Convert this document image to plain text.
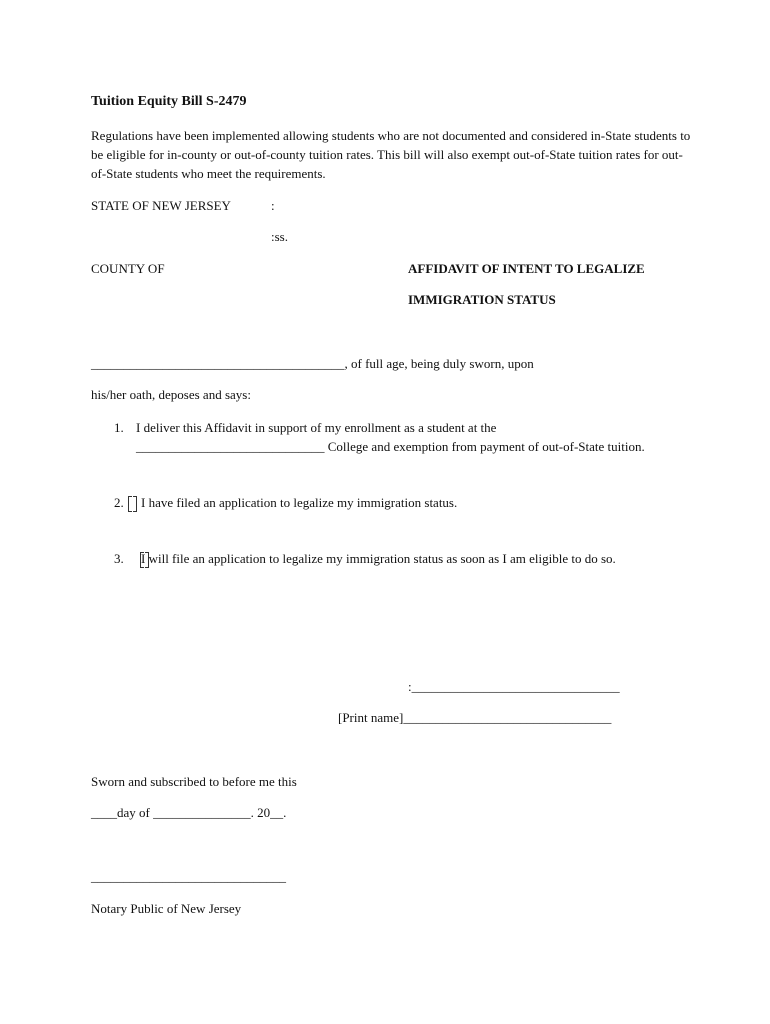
Tuition Equity Bill S-2479
Regulations have been implemented allowing students who are not documented and considered in-State students to be eligible for in-county or out-of-county tuition rates. This bill will also exempt out-of-State tuition rates for out-of-State students who meet the requirements.
STATE OF NEW JERSEY	:
:ss.
COUNTY OF	AFFIDAVIT OF INTENT TO LEGALIZE
IMMIGRATION STATUS
_______________________________________, of full age, being duly sworn, upon
his/her oath, deposes and says:
1. I deliver this Affidavit in support of my enrollment as a student at the _____________________________ College and exemption from payment of out-of-State tuition.
2.
I have filed an application to legalize my immigration status.
3. I will file an application to legalize my immigration status as soon as I am eligible to do so.
:________________________________
[Print name]________________________________
Sworn and subscribed to before me this
____day of _______________. 20__.
______________________________
Notary Public of New Jersey
